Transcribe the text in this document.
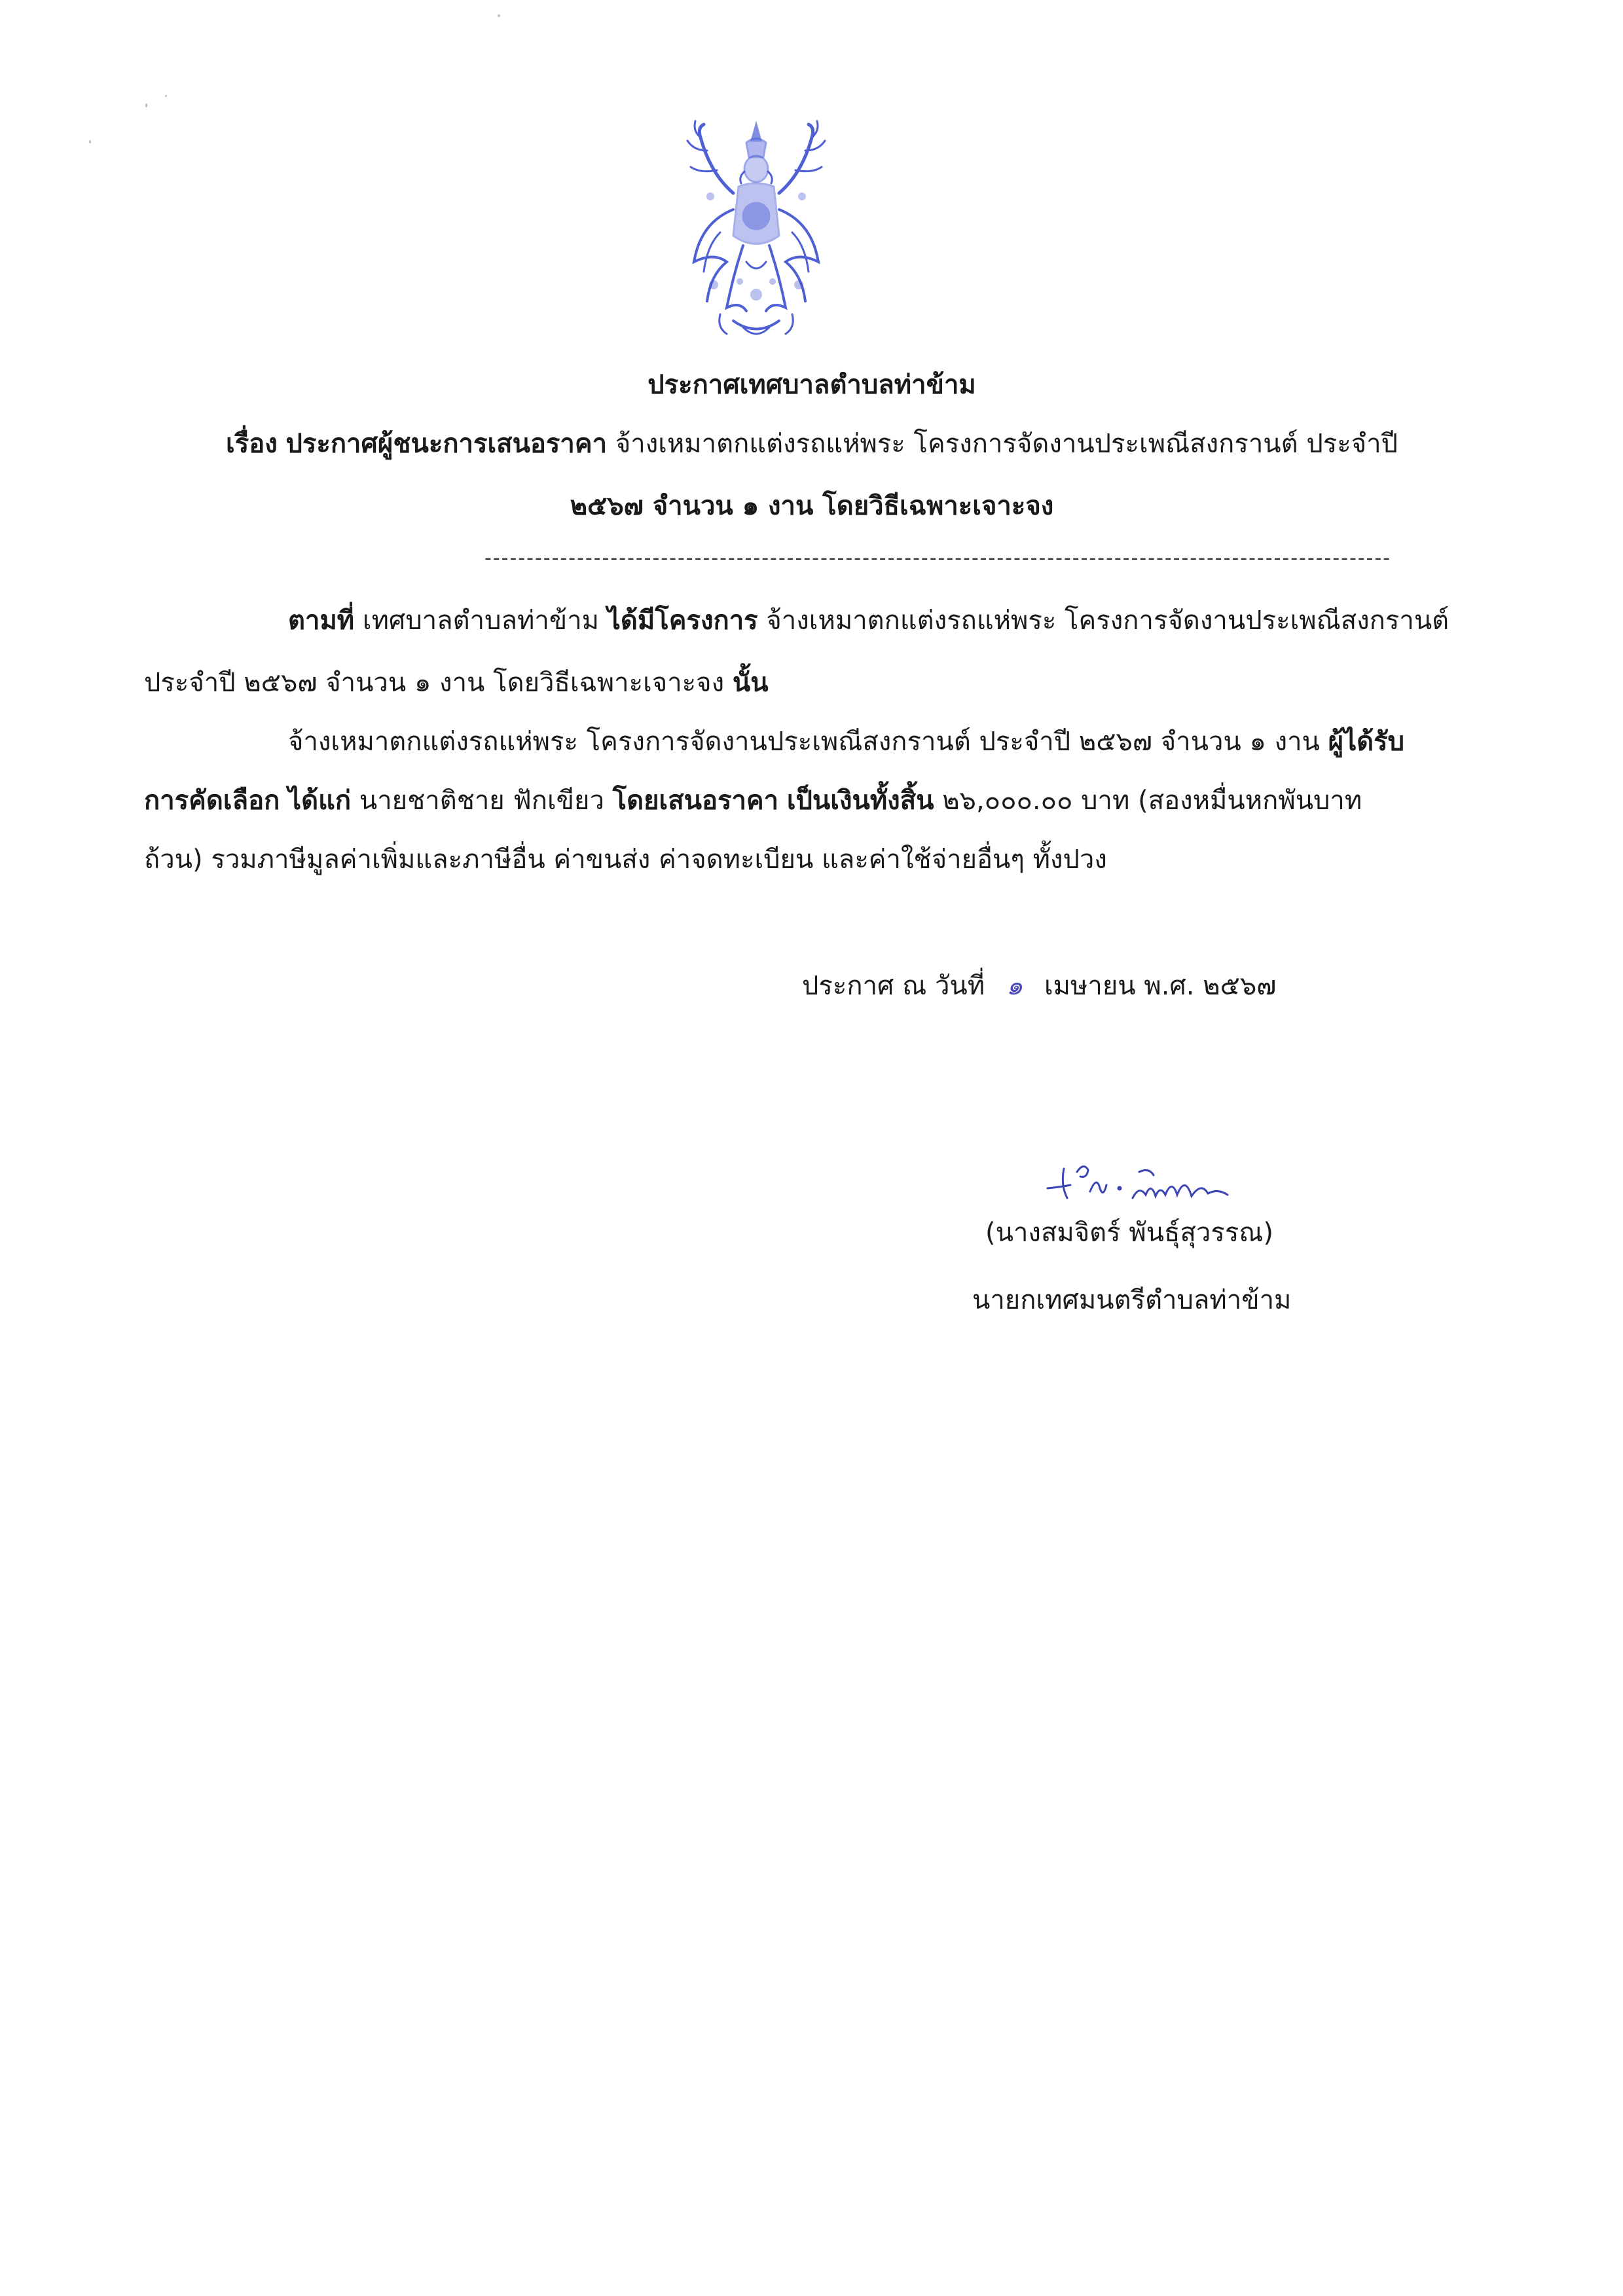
ประกาศเทศบาลตำบลท่าข้าม
เรื่อง ประกาศผู้ชนะการเสนอราคา จ้างเหมาตกแต่งรถแห่พระ โครงการจัดงานประเพณีสงกรานต์ ประจำปี
๒๕๖๗ จำนวน ๑ งาน โดยวิธีเฉพาะเจาะจง
------------------------------------------------------------------------------------------------------------
ตามที่ เทศบาลตำบลท่าข้าม ได้มีโครงการ จ้างเหมาตกแต่งรถแห่พระ โครงการจัดงานประเพณีสงกรานต์
ประจำปี ๒๕๖๗ จำนวน ๑ งาน โดยวิธีเฉพาะเจาะจง นั้น
จ้างเหมาตกแต่งรถแห่พระ โครงการจัดงานประเพณีสงกรานต์ ประจำปี ๒๕๖๗ จำนวน ๑ งาน ผู้ได้รับ
การคัดเลือก ได้แก่ นายชาติชาย ฟักเขียว โดยเสนอราคา เป็นเงินทั้งสิ้น ๒๖,๐๐๐.๐๐ บาท (สองหมื่นหกพันบาท
ถ้วน) รวมภาษีมูลค่าเพิ่มและภาษีอื่น ค่าขนส่ง ค่าจดทะเบียน และค่าใช้จ่ายอื่นๆ ทั้งปวง
ประกาศ ณ วันที่ ๑ เมษายน พ.ศ. ๒๕๖๗
(นางสมจิตร์ พันธุ์สุวรรณ)
นายกเทศมนตรีตำบลท่าข้าม
